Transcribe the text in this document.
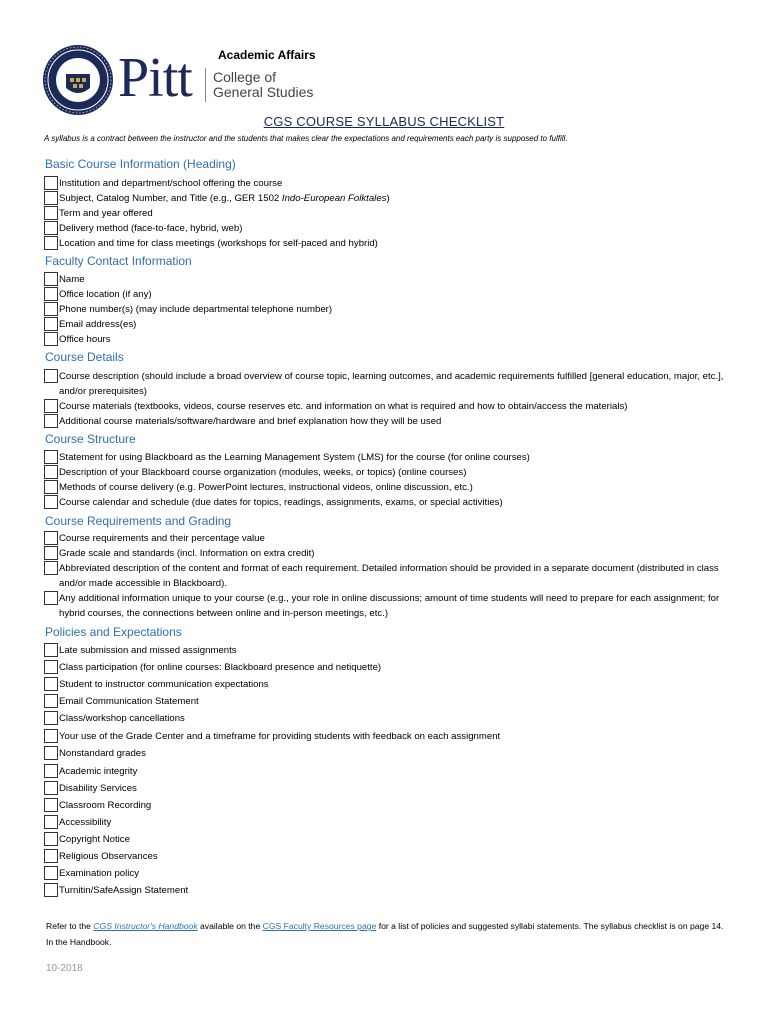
Pitt Academic Affairs
College of
General Studies
CGS COURSE SYLLABUS CHECKLIST
A syllabus is a contract between the instructor and the students that makes clear the expectations and requirements each party is supposed to fulfill.
Basic Course Information (Heading)
Institution and department/school offering the course
Subject, Catalog Number, and Title (e.g., GER 1502 Indo-European Folktales)
Term and year offered
Delivery method (face-to-face, hybrid, web)
Location and time for class meetings (workshops for self-paced and hybrid)
Faculty Contact Information
Name
Office location (if any)
Phone number(s) (may include departmental telephone number)
Email address(es)
Office hours
Course Details
Course description (should include a broad overview of course topic, learning outcomes, and academic requirements fulfilled [general education, major, etc.], and/or prerequisites)
Course materials (textbooks, videos, course reserves etc. and information on what is required and how to obtain/access the materials)
Additional course materials/software/hardware and brief explanation how they will be used
Course Structure
Statement for using Blackboard as the Learning Management System (LMS) for the course (for online courses)
Description of your Blackboard course organization (modules, weeks, or topics) (online courses)
Methods of course delivery (e.g. PowerPoint lectures, instructional videos, online discussion, etc.)
Course calendar and schedule (due dates for topics, readings, assignments, exams, or special activities)
Course Requirements and Grading
Course requirements and their percentage value
Grade scale and standards (incl. Information on extra credit)
Abbreviated description of the content and format of each requirement. Detailed information should be provided in a separate document (distributed in class and/or made accessible in Blackboard).
Any additional information unique to your course (e.g., your role in online discussions; amount of time students will need to prepare for each assignment; for hybrid courses, the connections between online and in-person meetings, etc.)
Policies and Expectations
Late submission and missed assignments
Class participation (for online courses: Blackboard presence and netiquette)
Student to instructor communication expectations
Email Communication Statement
Class/workshop cancellations
Your use of the Grade Center and a timeframe for providing students with feedback on each assignment
Nonstandard grades
Academic integrity
Disability Services
Classroom Recording
Accessibility
Copyright Notice
Religious Observances
Examination policy
Turnitin/SafeAssign Statement
Refer to the CGS Instructor's Handbook available on the CGS Faculty Resources page for a list of policies and suggested syllabi statements. The syllabus checklist is on page 14. In the Handbook.
10-2018
